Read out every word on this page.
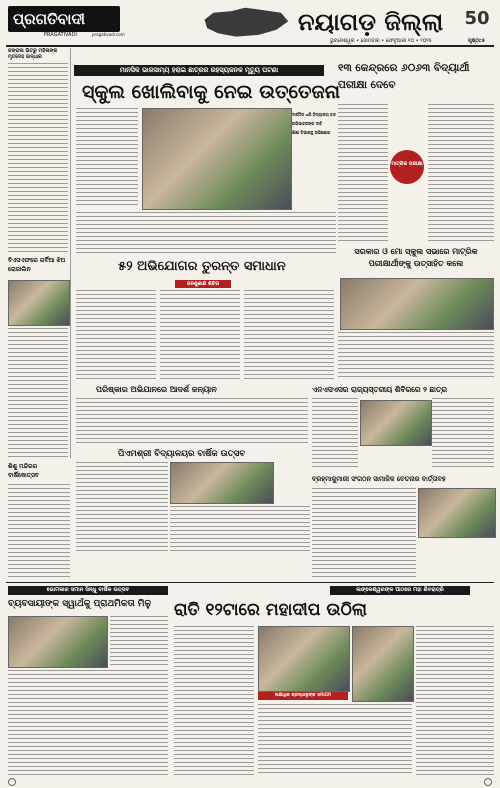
ପ୍ରଗତିବାଦୀ
PRAGATIVADI	pragativadi.com	ନୟାଗଡ଼ ଜିଲ୍ଲା 50
ଭୁବନେଶ୍ୱର • ସୋମବାର • ଫେବୃଆରୀ ୧୦ • ୨୦୨୫	ପୃଷ୍ଠା:୫
ଜଙ୍ଗଲ ଭିତରୁ ମହିଳାଙ୍କ ମୃତଦେହ ଉଦ୍ଧାର
ମାନସିକ ଭାରସାମ୍ୟ ହରାଇ ଛାତ୍ରର ରହସ୍ୟଜନକ ମୃତ୍ୟୁ ଘଟଣା
ସ୍କୁଲ ଖୋଲିବାକୁ ନେଇ ଉତ୍ତେଜନା
ଦୀର୍ଘଦିନ ଧରି ବିଦ୍ୟାଳୟ ବନ୍ଦ
ଅଭିଭାବକଙ୍କ ଦାବି
ଶିକ୍ଷା ବିଭାଗକୁ ଅଭିଯୋଗ
୧୩ କେନ୍ଦ୍ରରେ ୬୦୬୩ ବିଦ୍ୟାର୍ଥୀ ପରୀକ୍ଷା ଦେବେ
ମାଟ୍ରିକ ପରୀକ୍ଷା
ସରକାର ଓ ମୋ ସ୍କୁଲ ସଭାରେ ମାଟ୍ରିକ ପରୀକ୍ଷାର୍ଥୀଙ୍କୁ ଉତ୍ସାହିତ କଲେ
ବିଏସଏଫରେ ଗର୍ବିଆ ଝିଅ ରୋଜାଲିନ	୫୨ ଅଭିଯୋଗର ତୁରନ୍ତ ସମାଧାନ
ଜନଶୁଣାଣି ଶିବିର
ପରିଷ୍କାର ଅଭିଯାନରେ ଆଦର୍ଶ ଜନ୍ୟାନ	ଏନଏସଏସର ରାଜ୍ୟସ୍ତରୀୟ ଶିବିରରେ ୨ ଛାତ୍ର
ପିଏମଶ୍ରୀ ବିଦ୍ୟାଳୟର ବାର୍ଷିକ ଉତ୍ସବ
ଶିଶୁ ମନ୍ଦିରର ବାର୍ଷିକୋତ୍ସବ	ବ୍ରହ୍ମାକୁମାରୀ ସଂଗଠନ ସାମାଜିକ ଚେତନାର ବାର୍ତ୍ତାବହ
ଭୋମକାର ସମାନ ସିନ୍ଧୁ ବାର୍ଷିକ ଉତ୍ସବ
ବ୍ୟବସାୟୀଙ୍କ ସ୍ୱାର୍ଥକୁ ପ୍ରାଥମିକତା ମିଳୁ
ଲଙ୍କେଶ୍ୱରଙ୍କ ପୀଠରେ ମହା ଶିବରାତ୍ରି
ରାତି ୧୨ଟାରେ ମହାଦୀପ ଉଠିଲା
ଲକ୍ଷାଧିକ ଶ୍ରଦ୍ଧାଳୁଙ୍କ ସମାଗମ
